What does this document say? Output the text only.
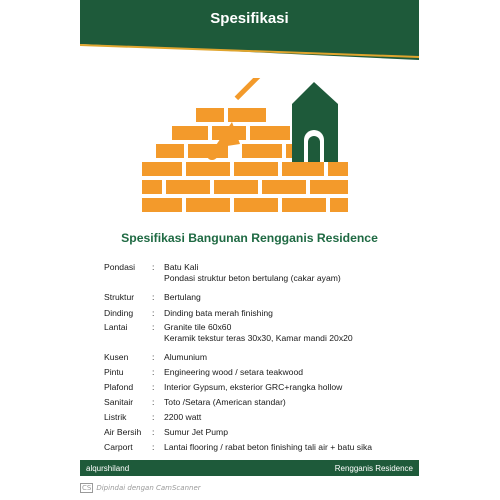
Spesifikasi
Spesifikasi Bangunan Rengganis Residence
Pondasi	:	Batu Kali
Pondasi struktur beton bertulang (cakar ayam)
Struktur	:	Bertulang
Dinding	:	Dinding bata merah finishing
Lantai	:	Granite tile 60x60
Keramik tekstur teras 30x30, Kamar mandi 20x20
Kusen	:	Alumunium
Pintu	:	Engineering wood / setara teakwood
Plafond	:	Interior Gypsum, eksterior GRC+rangka hollow
Sanitair	:	Toto /Setara (American standar)
Listrik	:	2200 watt
Air Bersih	:	Sumur Jet Pump
Carport	:	Lantai flooring / rabat beton finishing tali air + batu sika
alqurshiland	Rengganis Residence
CS Dipindai dengan CamScanner
